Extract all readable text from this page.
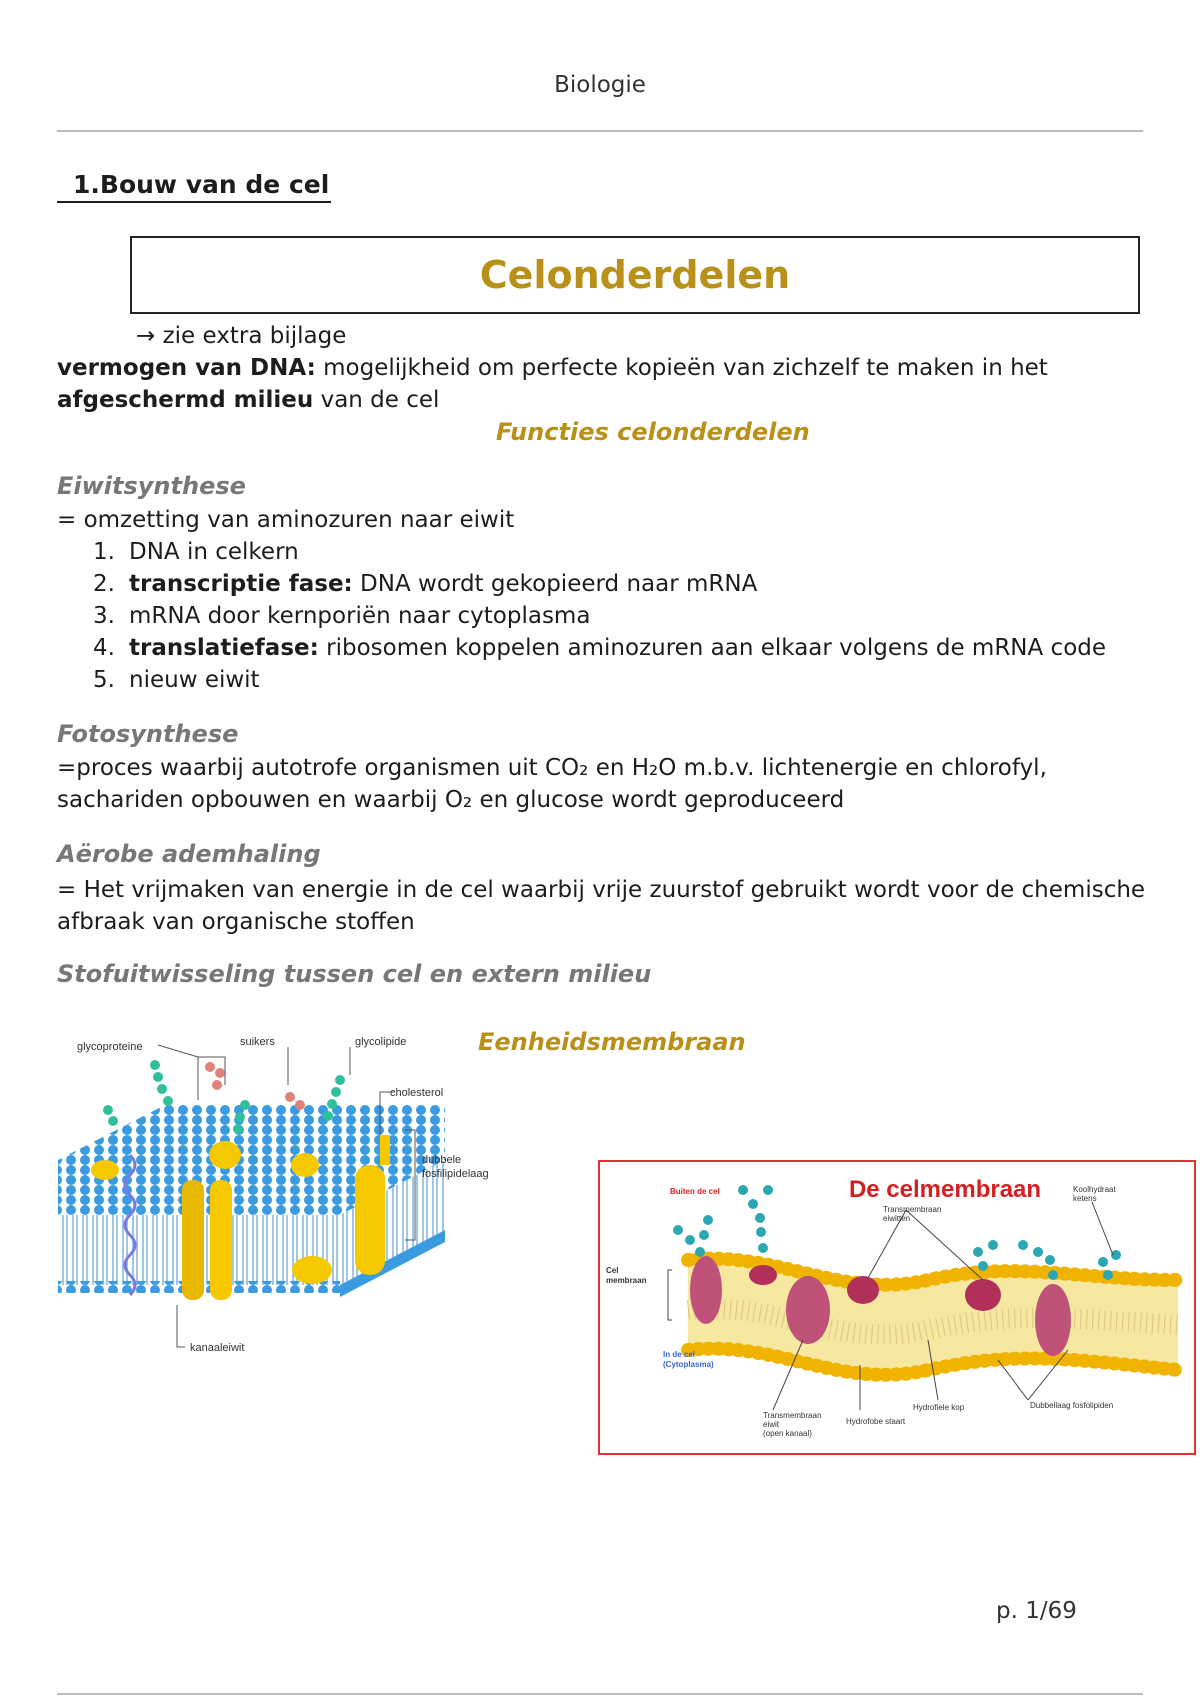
Biologie
1.Bouw van de cel
Celonderdelen
→ zie extra bijlage
vermogen van DNA: mogelijkheid om perfecte kopieën van zichzelf te maken in het afgeschermd milieu van de cel
Functies celonderdelen
Eiwitsynthese
= omzetting van aminozuren naar eiwit
1. DNA in celkern
2. transcriptie fase: DNA wordt gekopieerd naar mRNA
3. mRNA door kernporiën naar cytoplasma
4. translatiefase: ribosomen koppelen aminozuren aan elkaar volgens de mRNA code
5. nieuw eiwit
Fotosynthese
=proces waarbij autotrofe organismen uit CO₂ en H₂O m.b.v. lichtenergie en chlorofyl, sachariden opbouwen en waarbij O₂ en glucose wordt geproduceerd
Aërobe ademhaling
= Het vrijmaken van energie in de cel waarbij vrije zuurstof gebruikt wordt voor de chemische afbraak van organische stoffen
Stofuitwisseling tussen cel en extern milieu
Eenheidsmembraan
glycoproteine	suikers	glycolipide
cholesterol
dubbele
fosfilipidelaag
kanaaleiwit
De celmembraan
Buiten de cel
Cel
membraan
In de cel
(Cytoplasma)
Transmembraan
eiwitten
Koolhydraat
ketens
Transmembraan
eiwit
(open kanaal)
Hydrofiele kop
Hydrofobe staart
Dubbellaag fosfolipiden
p. 1/69
